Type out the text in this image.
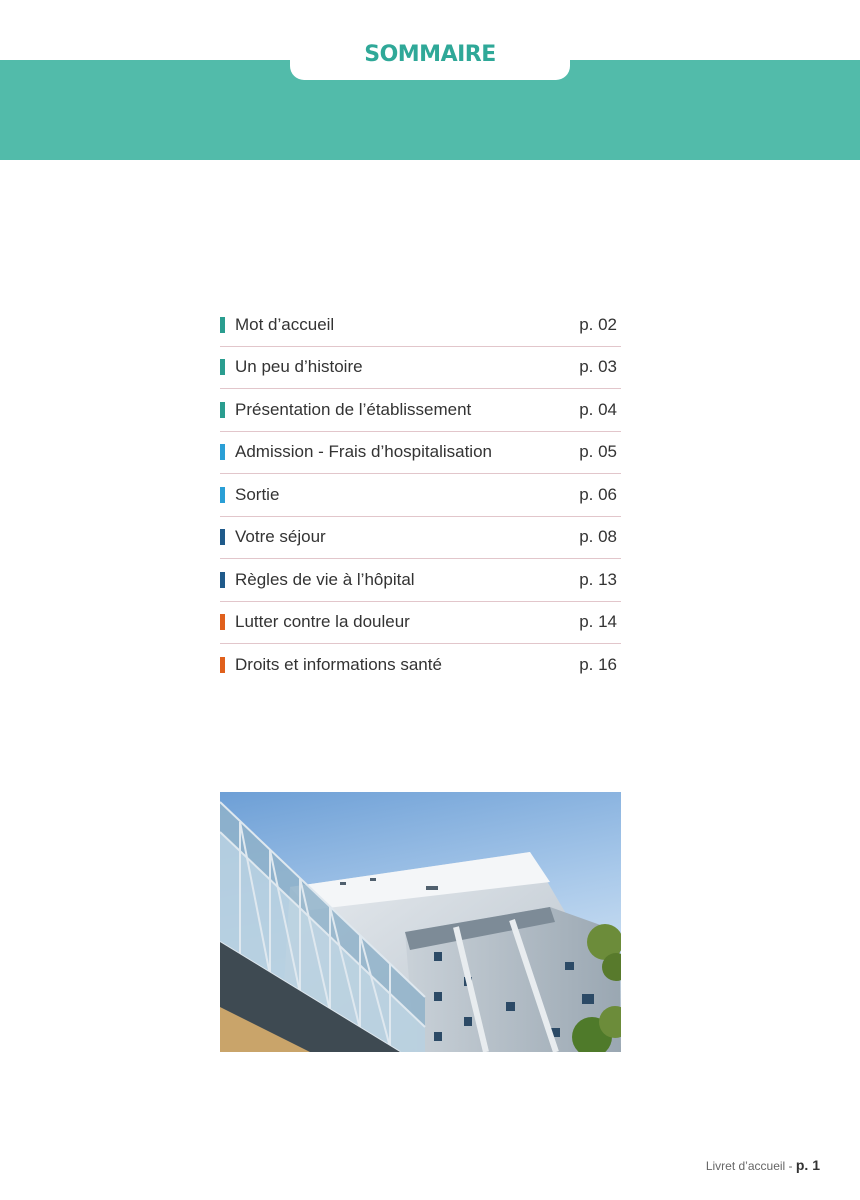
SOMMAIRE
Mot d’accueil	p. 02
Un peu d’histoire	p. 03
Présentation de l’établissement	p. 04
Admission - Frais d’hospitalisation	p. 05
Sortie	p. 06
Votre séjour	p. 08
Règles de vie à l’hôpital	p. 13
Lutter contre la douleur	p. 14
Droits et informations santé	p. 16
Livret d’accueil - p. 1
